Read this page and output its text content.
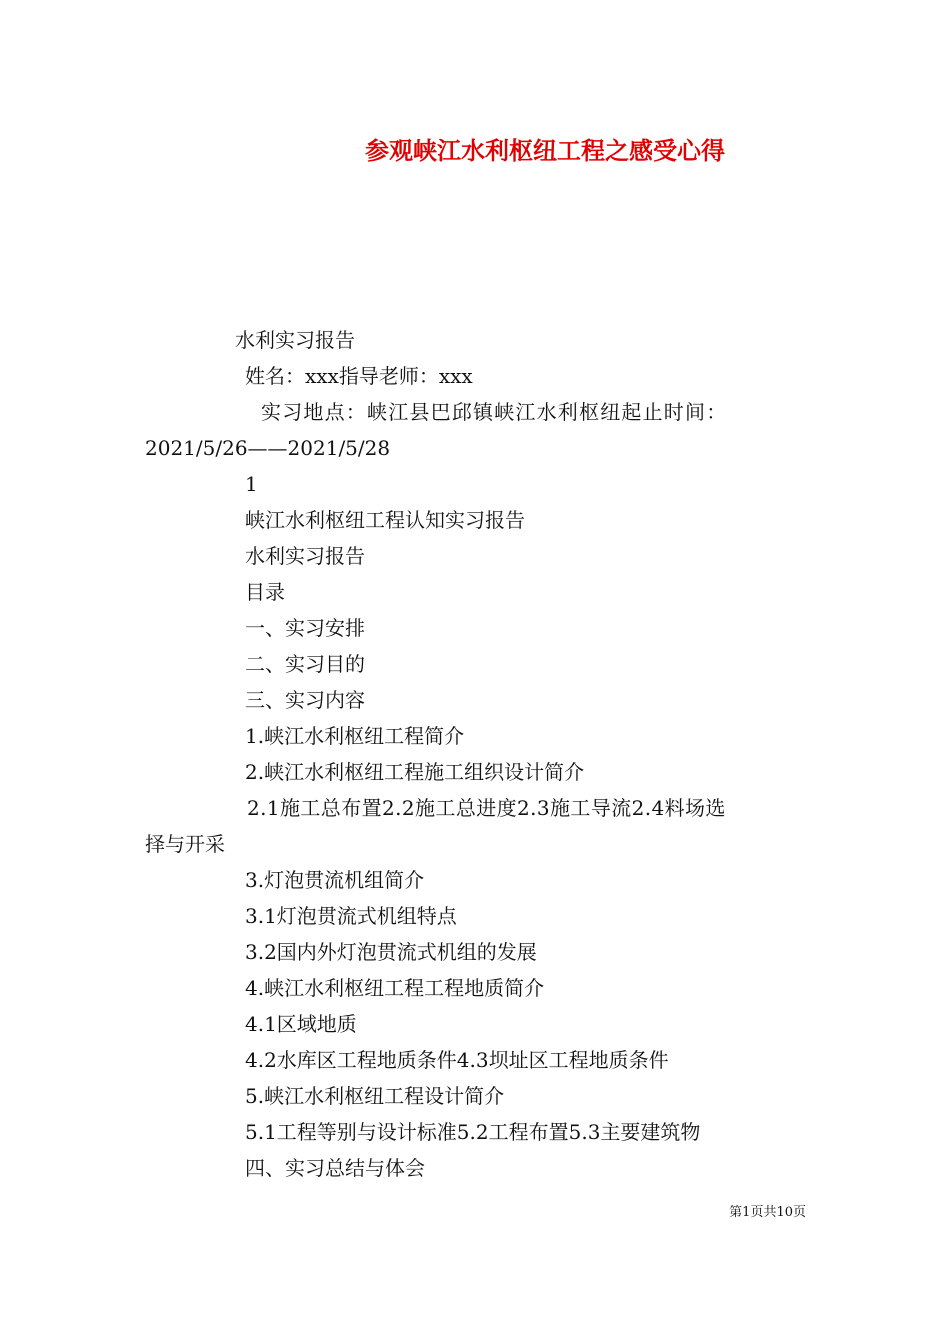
参观峡江水利枢纽工程之感受心得
水利实习报告
姓名：xxx指导老师：xxx
实习地点：峡江县巴邱镇峡江水利枢纽起止时间：
2021/5/26——2021/5/28
1
峡江水利枢纽工程认知实习报告
水利实习报告
目录
一、实习安排
二、实习目的
三、实习内容
1.峡江水利枢纽工程简介
2.峡江水利枢纽工程施工组织设计简介
2.1施工总布置2.2施工总进度2.3施工导流2.4料场选
择与开采
3.灯泡贯流机组简介
3.1灯泡贯流式机组特点
3.2国内外灯泡贯流式机组的发展
4.峡江水利枢纽工程工程地质简介
4.1区域地质
4.2水库区工程地质条件4.3坝址区工程地质条件
5.峡江水利枢纽工程设计简介
5.1工程等别与设计标准5.2工程布置5.3主要建筑物
四、实习总结与体会
第1页共10页
